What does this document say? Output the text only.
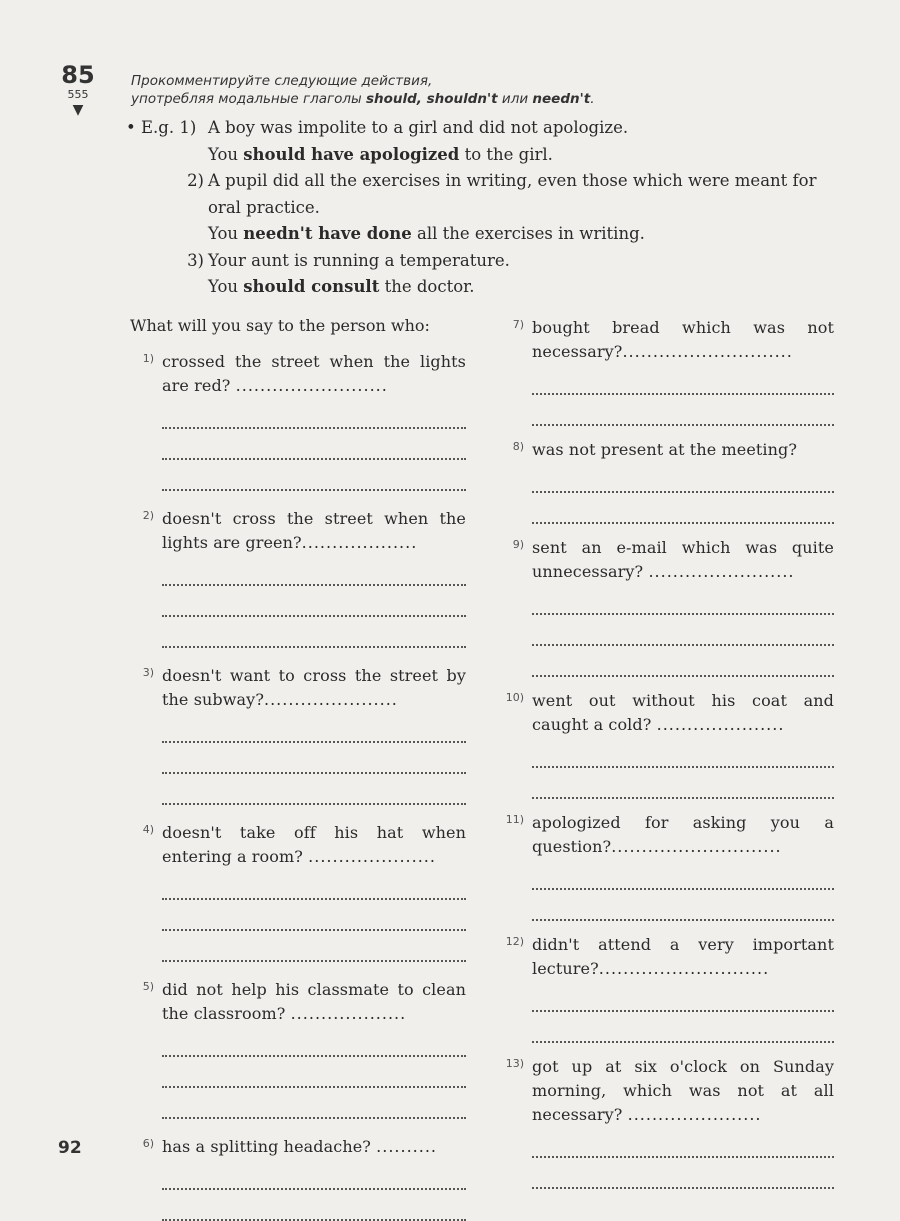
85
555
▼
Прокомментируйте следующие действия,
употребляя модальные глаголы should, shouldn't или needn't.
• E.g. 1) A boy was impolite to a girl and did not apologize.
You should have apologized to the girl.
2) A pupil did all the exercises in writing, even those which were meant for oral practice.
You needn't have done all the exercises in writing.
3) Your aunt is running a temperature.
You should consult the doctor.
What will you say to the person who:
1) crossed the street when the lights are red? .........................
2) doesn't cross the street when the lights are green?...................
3) doesn't want to cross the street by the subway?......................
4) doesn't take off his hat when entering a room? .....................
5) did not help his classmate to clean the classroom? ...................
6) has a splitting headache? ..........
7) bought bread which was not necessary?............................
8) was not present at the meeting?
9) sent an e-mail which was quite unnecessary? ........................
10) went out without his coat and caught a cold? .....................
11) apologized for asking you a question?............................
12) didn't attend a very important lecture?............................
13) got up at six o'clock on Sunday morning, which was not at all necessary? ......................
92
